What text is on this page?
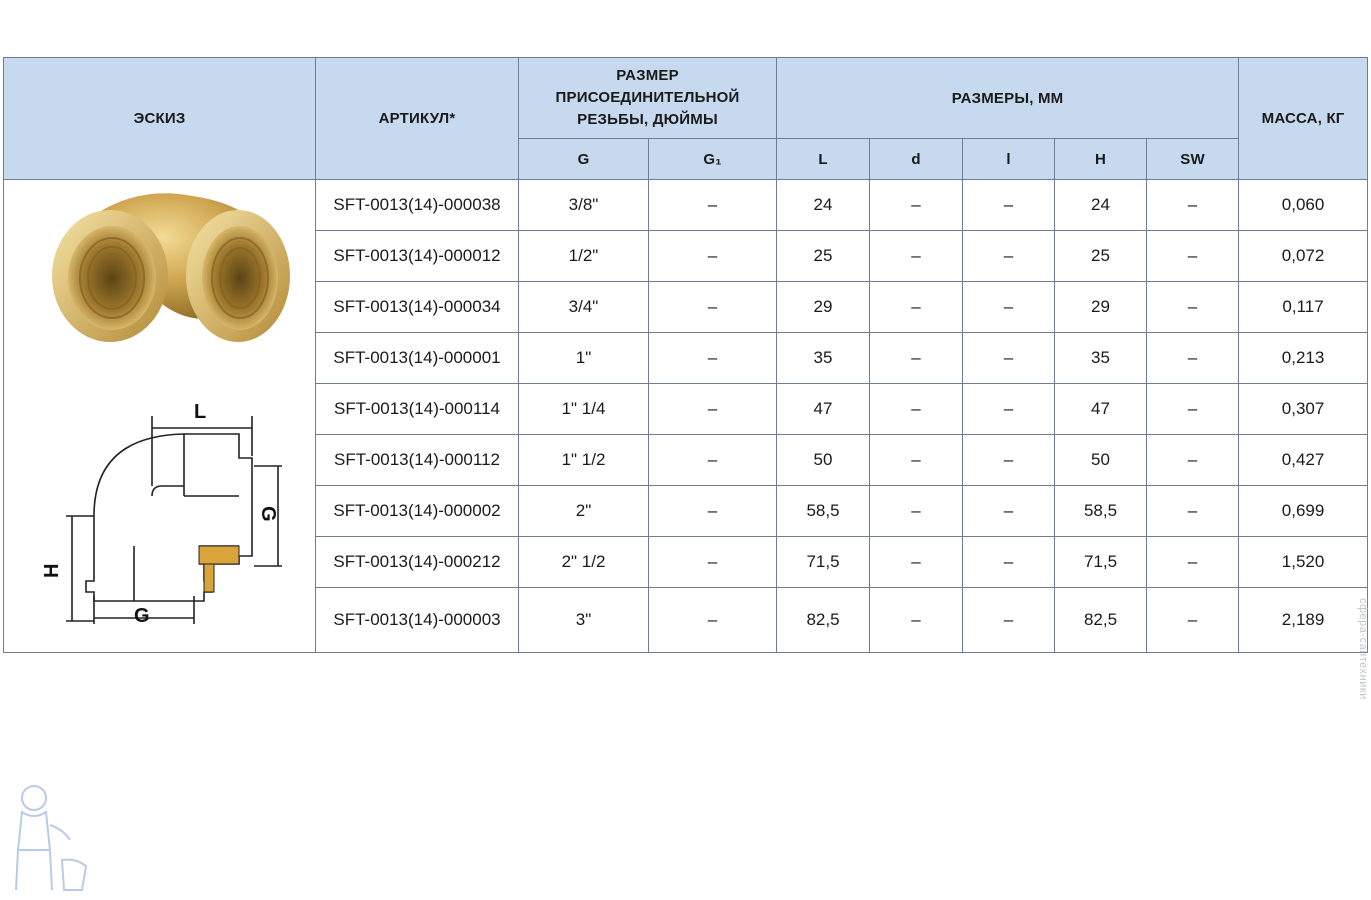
ЭСКИЗ	АРТИКУЛ*	РАЗМЕР ПРИСОЕДИНИТЕЛЬНОЙ РЕЗЬБЫ, ДЮЙМЫ		РАЗМЕРЫ, ММ					МАССА, КГ
		G	G₁	L	d	l	H	SW	

L
G
H
G	SFT-0013(14)-000038	3/8"	–	24	–	–	24	–	0,060
	SFT-0013(14)-000012	1/2"	–	25	–	–	25	–	0,072
	SFT-0013(14)-000034	3/4"	–	29	–	–	29	–	0,117
	SFT-0013(14)-000001	1"	–	35	–	–	35	–	0,213
	SFT-0013(14)-000114	1" 1/4	–	47	–	–	47	–	0,307
	SFT-0013(14)-000112	1" 1/2	–	50	–	–	50	–	0,427
	SFT-0013(14)-000002	2"	–	58,5	–	–	58,5	–	0,699
	SFT-0013(14)-000212	2" 1/2	–	71,5	–	–	71,5	–	1,520
	SFT-0013(14)-000003	3"	–	82,5	–	–	82,5	–	2,189	сфера-сантехники
